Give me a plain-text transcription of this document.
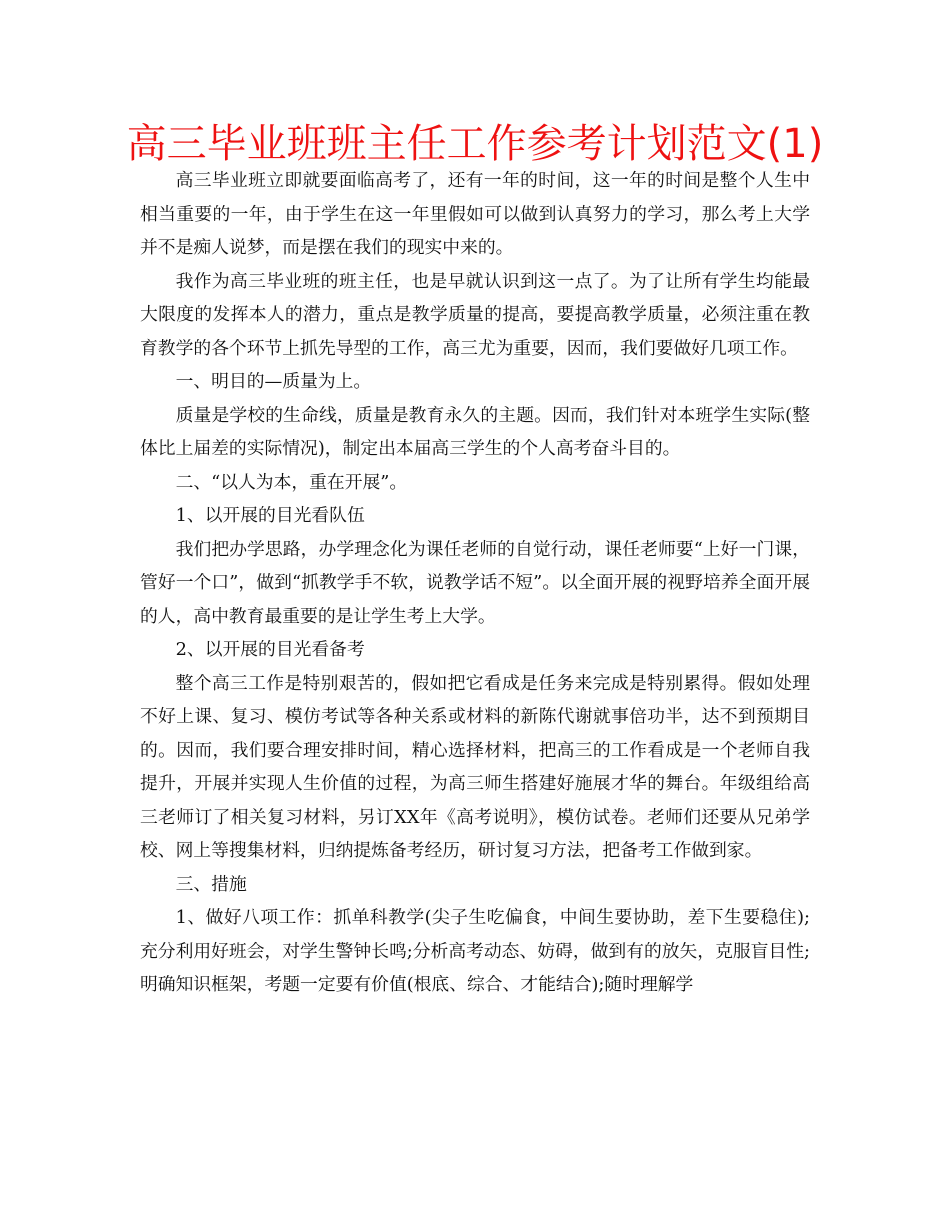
高三毕业班班主任工作参考计划范文(1)

高三毕业班立即就要面临高考了，还有一年的时间，这一年的时间是整个人生中相当重要的一年，由于学生在这一年里假如可以做到认真努力的学习，那么考上大学并不是痴人说梦，而是摆在我们的现实中来的。

我作为高三毕业班的班主任，也是早就认识到这一点了。为了让所有学生均能最大限度的发挥本人的潜力，重点是教学质量的提高，要提高教学质量，必须注重在教育教学的各个环节上抓先导型的工作，高三尤为重要，因而，我们要做好几项工作。

一、明目的—质量为上。

质量是学校的生命线，质量是教育永久的主题。因而，我们针对本班学生实际(整体比上届差的实际情况)，制定出本届高三学生的个人高考奋斗目的。

二、“以人为本，重在开展”。

1、以开展的目光看队伍

我们把办学思路，办学理念化为课任老师的自觉行动，课任老师要“上好一门课，管好一个口”，做到“抓教学手不软，说教学话不短”。以全面开展的视野培养全面开展的人，高中教育最重要的是让学生考上大学。

2、以开展的目光看备考

整个高三工作是特别艰苦的，假如把它看成是任务来完成是特别累得。假如处理不好上课、复习、模仿考试等各种关系或材料的新陈代谢就事倍功半，达不到预期目的。因而，我们要合理安排时间，精心选择材料，把高三的工作看成是一个老师自我提升，开展并实现人生价值的过程，为高三师生搭建好施展才华的舞台。年级组给高三老师订了相关复习材料，另订XX年《高考说明》，模仿试卷。老师们还要从兄弟学校、网上等搜集材料，归纳提炼备考经历，研讨复习方法，把备考工作做到家。

三、措施

1、做好八项工作：抓单科教学(尖子生吃偏食，中间生要协助，差下生要稳住);充分利用好班会，对学生警钟长鸣;分析高考动态、妨碍，做到有的放矢，克服盲目性;明确知识框架，考题一定要有价值(根底、综合、才能结合);随时理解学
